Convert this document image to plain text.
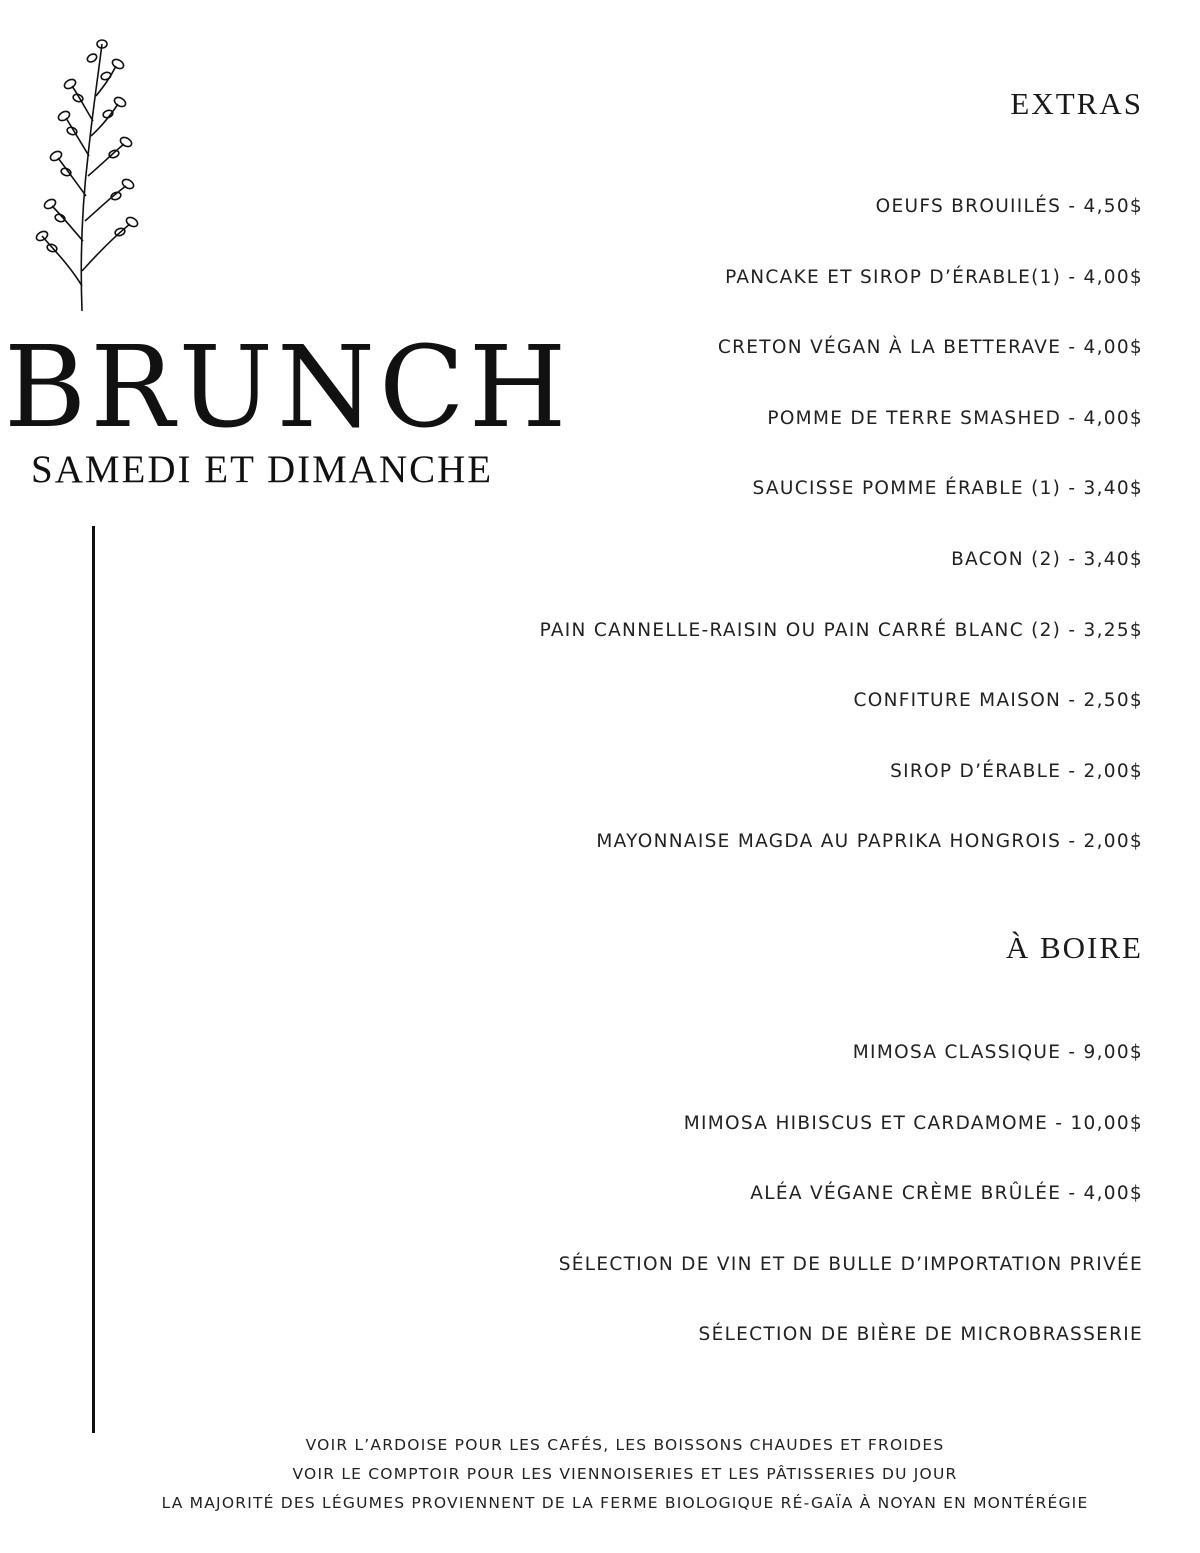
BRUNCH
SAMEDI ET DIMANCHE
EXTRAS
OEUFS BROUIILÉS - 4,50$
PANCAKE ET SIROP D’ÉRABLE(1) - 4,00$
CRETON VÉGAN À LA BETTERAVE - 4,00$
POMME DE TERRE SMASHED - 4,00$
SAUCISSE POMME ÉRABLE (1) - 3,40$
BACON (2) - 3,40$
PAIN CANNELLE-RAISIN OU PAIN CARRÉ BLANC (2) - 3,25$
CONFITURE MAISON - 2,50$
SIROP D’ÉRABLE - 2,00$
MAYONNAISE MAGDA AU PAPRIKA HONGROIS - 2,00$
À BOIRE
MIMOSA CLASSIQUE - 9,00$
MIMOSA HIBISCUS ET CARDAMOME - 10,00$
ALÉA VÉGANE CRÈME BRÛLÉE - 4,00$
SÉLECTION DE VIN ET DE BULLE D’IMPORTATION PRIVÉE
SÉLECTION DE BIÈRE DE MICROBRASSERIE
VOIR L’ARDOISE POUR LES CAFÉS, LES BOISSONS CHAUDES ET FROIDES
VOIR LE COMPTOIR POUR LES VIENNOISERIES ET LES PÂTISSERIES DU JOUR
LA MAJORITÉ DES LÉGUMES PROVIENNENT DE LA FERME BIOLOGIQUE RÉ-GAÏA À NOYAN EN MONTÉRÉGIE
